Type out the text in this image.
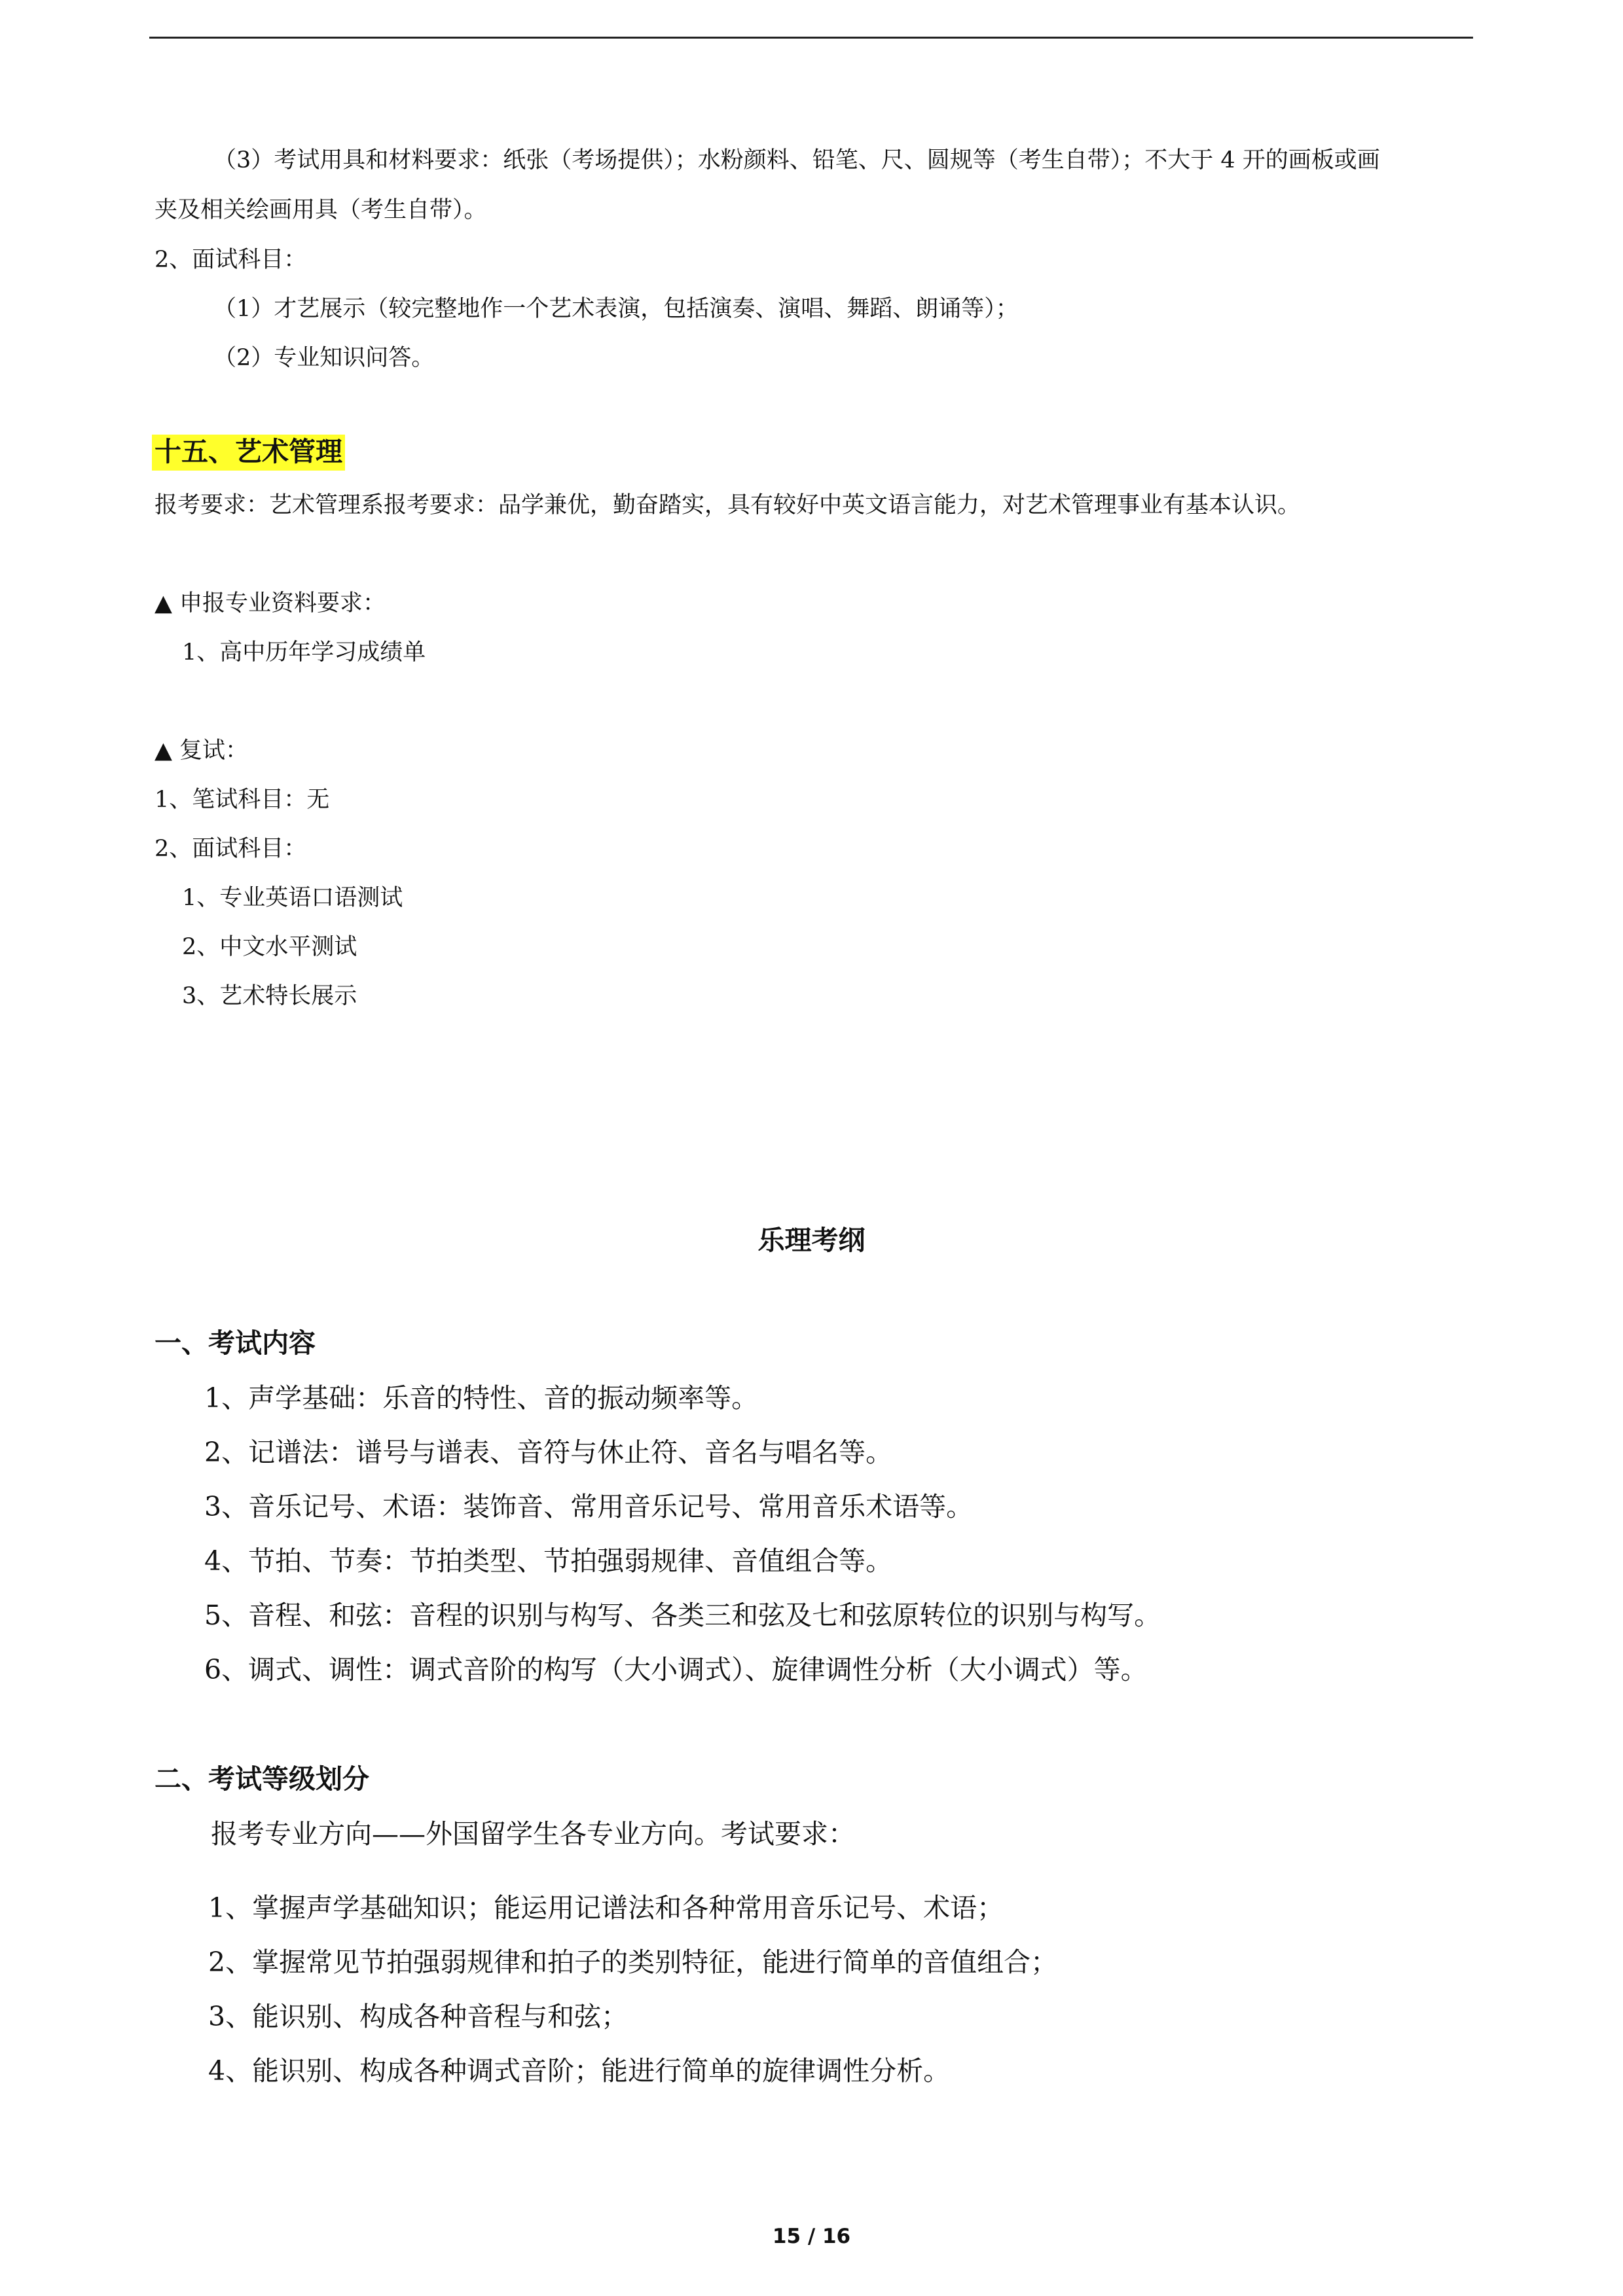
（3）考试用具和材料要求：纸张（考场提供）；水粉颜料、铅笔、尺、圆规等（考生自带）；不大于 4 开的画板或画
夹及相关绘画用具（考生自带）。
2、面试科目：
（1）才艺展示（较完整地作一个艺术表演，包括演奏、演唱、舞蹈、朗诵等）；
（2）专业知识问答。
十五、艺术管理
报考要求：艺术管理系报考要求：品学兼优，勤奋踏实，具有较好中英文语言能力，对艺术管理事业有基本认识。
▲ 申报专业资料要求：
1、高中历年学习成绩单
▲ 复试：
1、笔试科目：无
2、面试科目：
1、专业英语口语测试
2、中文水平测试
3、艺术特长展示
乐理考纲
一、考试内容
1、声学基础：乐音的特性、音的振动频率等。
2、记谱法：谱号与谱表、音符与休止符、音名与唱名等。
3、音乐记号、术语：装饰音、常用音乐记号、常用音乐术语等。
4、节拍、节奏：节拍类型、节拍强弱规律、音值组合等。
5、音程、和弦：音程的识别与构写、各类三和弦及七和弦原转位的识别与构写。
6、调式、调性：调式音阶的构写（大小调式）、旋律调性分析（大小调式）等。
二、考试等级划分
报考专业方向——外国留学生各专业方向。考试要求：
1、掌握声学基础知识；能运用记谱法和各种常用音乐记号、术语；
2、掌握常见节拍强弱规律和拍子的类别特征，能进行简单的音值组合；
3、能识别、构成各种音程与和弦；
4、能识别、构成各种调式音阶；能进行简单的旋律调性分析。
15 / 16
